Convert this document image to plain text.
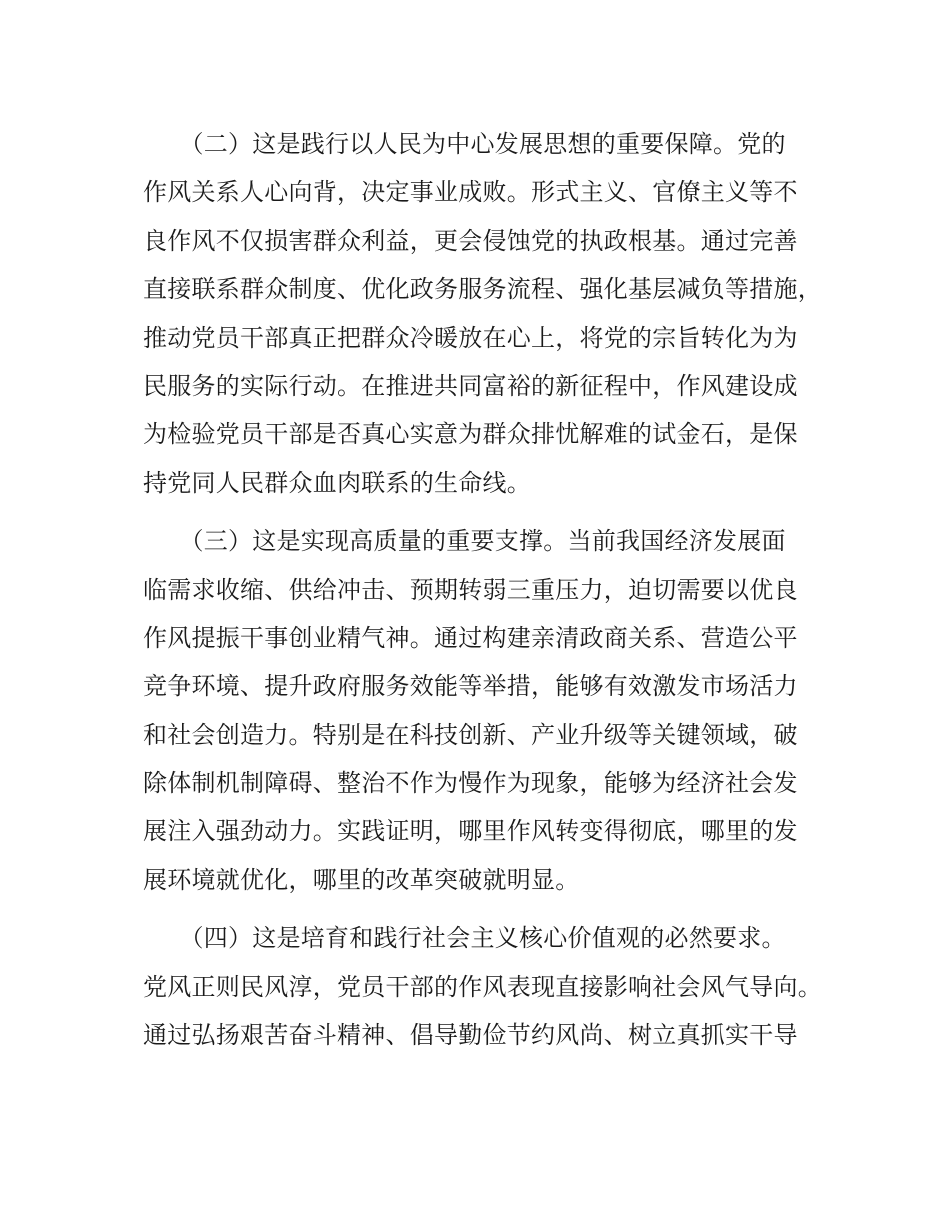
　　（二）这是践行以人民为中心发展思想的重要保障。党的
作风关系人心向背，决定事业成败。形式主义、官僚主义等不
良作风不仅损害群众利益，更会侵蚀党的执政根基。通过完善
直接联系群众制度、优化政务服务流程、强化基层减负等措施，
推动党员干部真正把群众冷暖放在心上，将党的宗旨转化为为
民服务的实际行动。在推进共同富裕的新征程中，作风建设成
为检验党员干部是否真心实意为群众排忧解难的试金石，是保
持党同人民群众血肉联系的生命线。
　　（三）这是实现高质量的重要支撑。当前我国经济发展面
临需求收缩、供给冲击、预期转弱三重压力，迫切需要以优良
作风提振干事创业精气神。通过构建亲清政商关系、营造公平
竞争环境、提升政府服务效能等举措，能够有效激发市场活力
和社会创造力。特别是在科技创新、产业升级等关键领域，破
除体制机制障碍、整治不作为慢作为现象，能够为经济社会发
展注入强劲动力。实践证明，哪里作风转变得彻底，哪里的发
展环境就优化，哪里的改革突破就明显。
　　（四）这是培育和践行社会主义核心价值观的必然要求。
党风正则民风淳，党员干部的作风表现直接影响社会风气导向。
通过弘扬艰苦奋斗精神、倡导勤俭节约风尚、树立真抓实干导
